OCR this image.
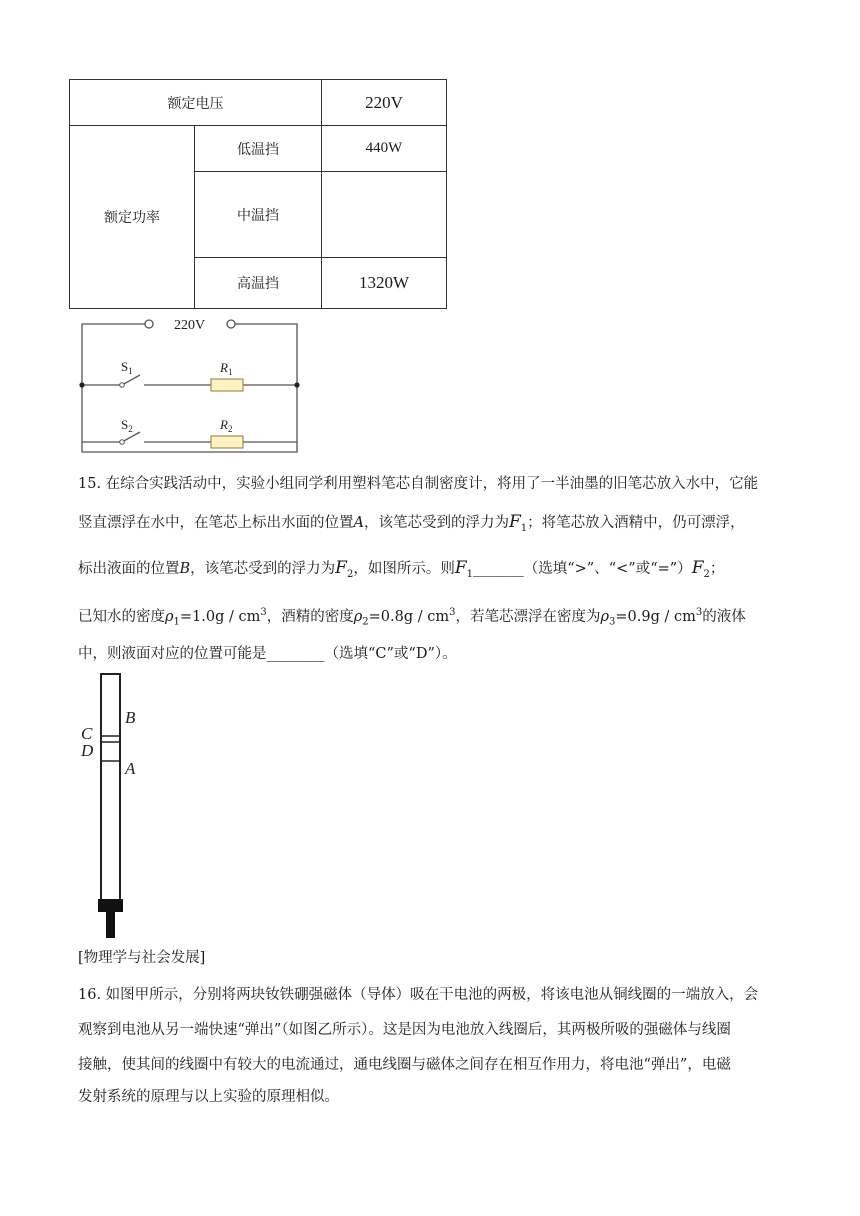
额定电压		220V
额定功率	低温挡	440W
	中温挡	
	高温挡	1320W
220V
$S_1$	$R_1$
$S_2$	$R_2$
15. 在综合实践活动中，实验小组同学利用塑料笔芯自制密度计，将用了一半油墨的旧笔芯放入水中，它能
竖直漂浮在水中，在笔芯上标出水面的位置A，该笔芯受到的浮力为$F_1$；将笔芯放入酒精中，仍可漂浮，
标出液面的位置B，该笔芯受到的浮力为$F_2$，如图所示。则$F_1\_\_\_\_\_\_\_$（选填“>”、“<”或“$=”)F_2$；
已知水的密度$\rho_1=1.0g / cm^3$，酒精的密度$\rho_2=0.8g / cm^3$，若笔芯漂浮在密度为$\rho_3=0.9g / cm^3$的液体
中，则液面对应的位置可能是________（选填“C”或“D”）。
B
C
D
A
[物理学与社会发展]
16. 如图甲所示，分别将两块钕铁硼强磁体（导体）吸在干电池的两极，将该电池从铜线圈的一端放入，会
观察到电池从另一端快速“弹出”（如图乙所示）。这是因为电池放入线圈后，其两极所吸的强磁体与线圈
接触，使其间的线圈中有较大的电流通过，通电线圈与磁体之间存在相互作用力，将电池“弹出”，电磁
发射系统的原理与以上实验的原理相似。
